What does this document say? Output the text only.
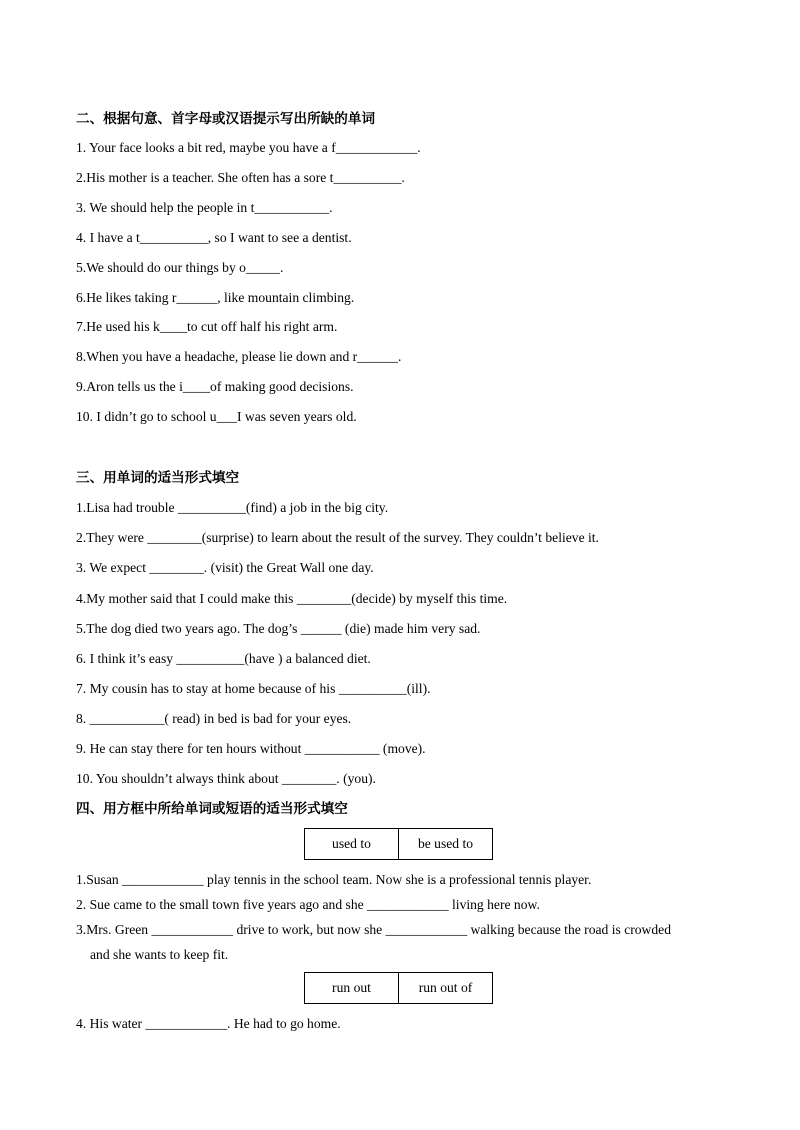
二、根据句意、首字母或汉语提示写出所缺的单词
1. Your face looks a bit red, maybe you have a f____________.
2.His mother is a teacher. She often has a sore t__________.
3. We should help the people in t___________.
4. I have a t__________, so I want to see a dentist.
5.We should do our things by o_____.
6.He likes taking r______, like mountain climbing.
7.He used his k____to cut off half his right arm.
8.When you have a headache, please lie down and r______.
9.Aron tells us the i____of making good decisions.
10. I didn’t go to school u___I was seven years old.
三、用单词的适当形式填空
1.Lisa had trouble __________(find) a job in the big city.
2.They were ________(surprise) to learn about the result of the survey. They couldn’t believe it.
3. We expect ________. (visit) the Great Wall one day.
4.My mother said that I could make this ________(decide) by myself this time.
5.The dog died two years ago. The dog’s ______ (die) made him very sad.
6. I think it’s easy __________(have ) a balanced diet.
7. My cousin has to stay at home because of his __________(ill).
8. ___________( read) in bed is bad for your eyes.
9. He can stay there for ten hours without ___________ (move).
10. You shouldn’t always think about ________. (you).
四、用方框中所给单词或短语的适当形式填空
used to	be used to
1.Susan ____________ play tennis in the school team. Now she is a professional tennis player.
2. Sue came to the small town five years ago and she ____________ living here now.
3.Mrs. Green ____________ drive to work, but now she ____________ walking because the road is crowded
and she wants to keep fit.
run out	run out of
4. His water ____________. He had to go home.
